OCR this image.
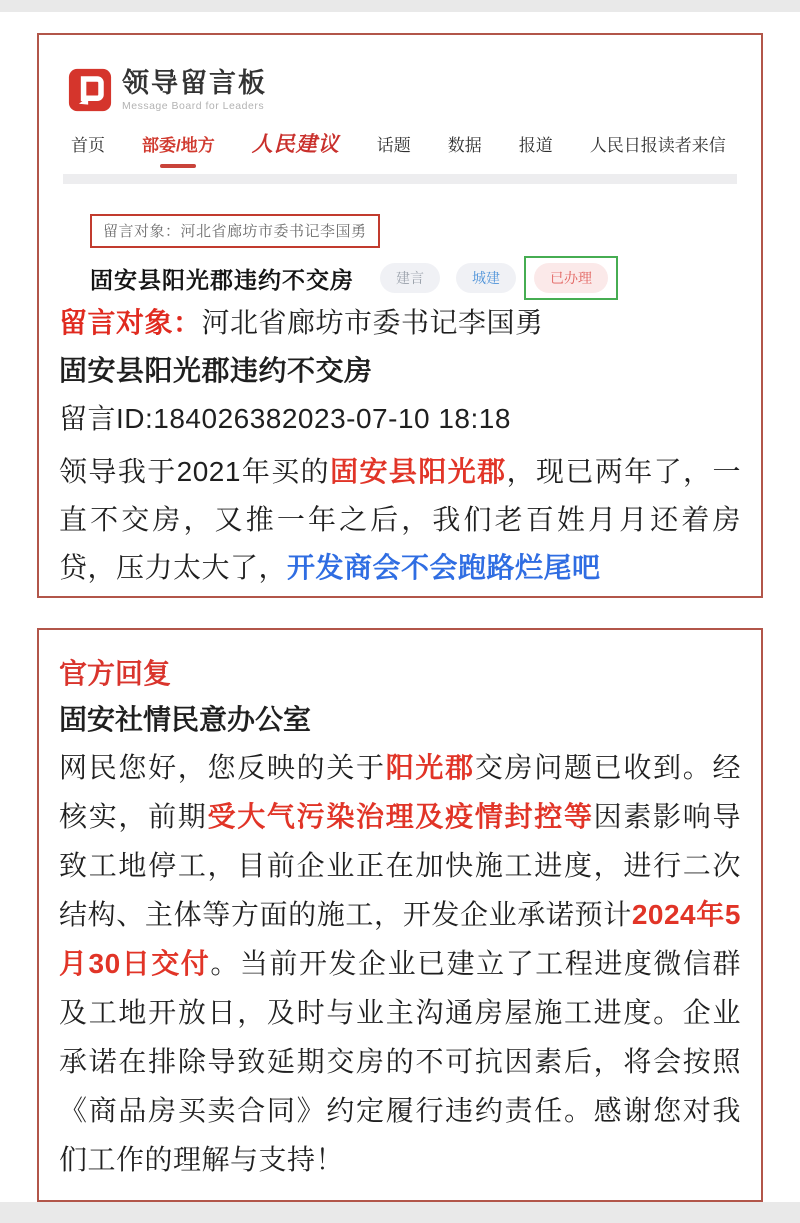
领导留言板
Message Board for Leaders
首页 部委/地方 人民建议 话题 数据 报道 人民日报读者来信
留言对象：河北省廊坊市委书记李国勇
固安县阳光郡违约不交房	建言	城建	已办理
留言对象：河北省廊坊市委书记李国勇
固安县阳光郡违约不交房
留言ID:184026382023-07-10 18:18
领导我于2021年买的固安县阳光郡，现已两年了，一直不交房，又推一年之后，我们老百姓月月还着房贷，压力太大了，开发商会不会跑路烂尾吧
官方回复
固安社情民意办公室
网民您好，您反映的关于阳光郡交房问题已收到。经核实，前期受大气污染治理及疫情封控等因素影响导致工地停工，目前企业正在加快施工进度，进行二次结构、主体等方面的施工，开发企业承诺预计2024年5月30日交付。当前开发企业已建立了工程进度微信群及工地开放日，及时与业主沟通房屋施工进度。企业承诺在排除导致延期交房的不可抗因素后，将会按照《商品房买卖合同》约定履行违约责任。感谢您对我们工作的理解与支持！
